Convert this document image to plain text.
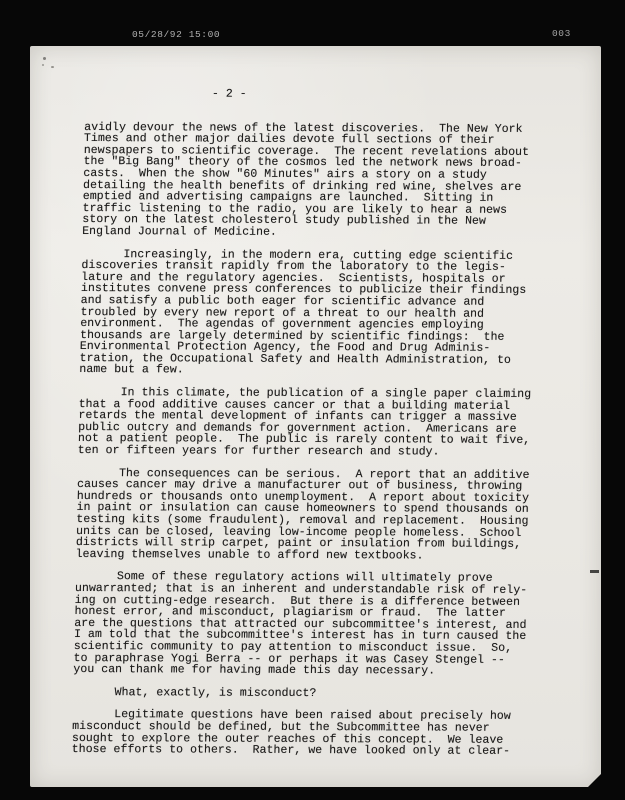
05/28/92 15:00	003
- 2 -
avidly devour the news of the latest discoveries.  The New York
Times and other major dailies devote full sections of their
newspapers to scientific coverage.  The recent revelations about
the "Big Bang" theory of the cosmos led the network news broad-
casts.  When the show "60 Minutes" airs a story on a study
detailing the health benefits of drinking red wine, shelves are
emptied and advertising campaigns are launched.  Sitting in
traffic listening to the radio, you are likely to hear a news
story on the latest cholesterol study published in the New
England Journal of Medicine.
Increasingly, in the modern era, cutting edge scientific
discoveries transit rapidly from the laboratory to the legis-
lature and the regulatory agencies.  Scientists, hospitals or
institutes convene press conferences to publicize their findings
and satisfy a public both eager for scientific advance and
troubled by every new report of a threat to our health and
environment.  The agendas of government agencies employing
thousands are largely determined by scientific findings:  the
Environmental Protection Agency, the Food and Drug Adminis-
tration, the Occupational Safety and Health Administration, to
name but a few.
In this climate, the publication of a single paper claiming
that a food additive causes cancer or that a building material
retards the mental development of infants can trigger a massive
public outcry and demands for government action.  Americans are
not a patient people.  The public is rarely content to wait five,
ten or fifteen years for further research and study.
The consequences can be serious.  A report that an additive
causes cancer may drive a manufacturer out of business, throwing
hundreds or thousands onto unemployment.  A report about toxicity
in paint or insulation can cause homeowners to spend thousands on
testing kits (some fraudulent), removal and replacement.  Housing
units can be closed, leaving low-income people homeless.  School
districts will strip carpet, paint or insulation from buildings,
leaving themselves unable to afford new textbooks.
Some of these regulatory actions will ultimately prove
unwarranted; that is an inherent and understandable risk of rely-
ing on cutting-edge research.  But there is a difference between
honest error, and misconduct, plagiarism or fraud.  The latter
are the questions that attracted our subcommittee's interest, and
I am told that the subcommittee's interest has in turn caused the
scientific community to pay attention to misconduct issue.  So,
to paraphrase Yogi Berra -- or perhaps it was Casey Stengel --
you can thank me for having made this day necessary.
What, exactly, is misconduct?
Legitimate questions have been raised about precisely how
misconduct should be defined, but the Subcommittee has never
sought to explore the outer reaches of this concept.  We leave
those efforts to others.  Rather, we have looked only at clear-
